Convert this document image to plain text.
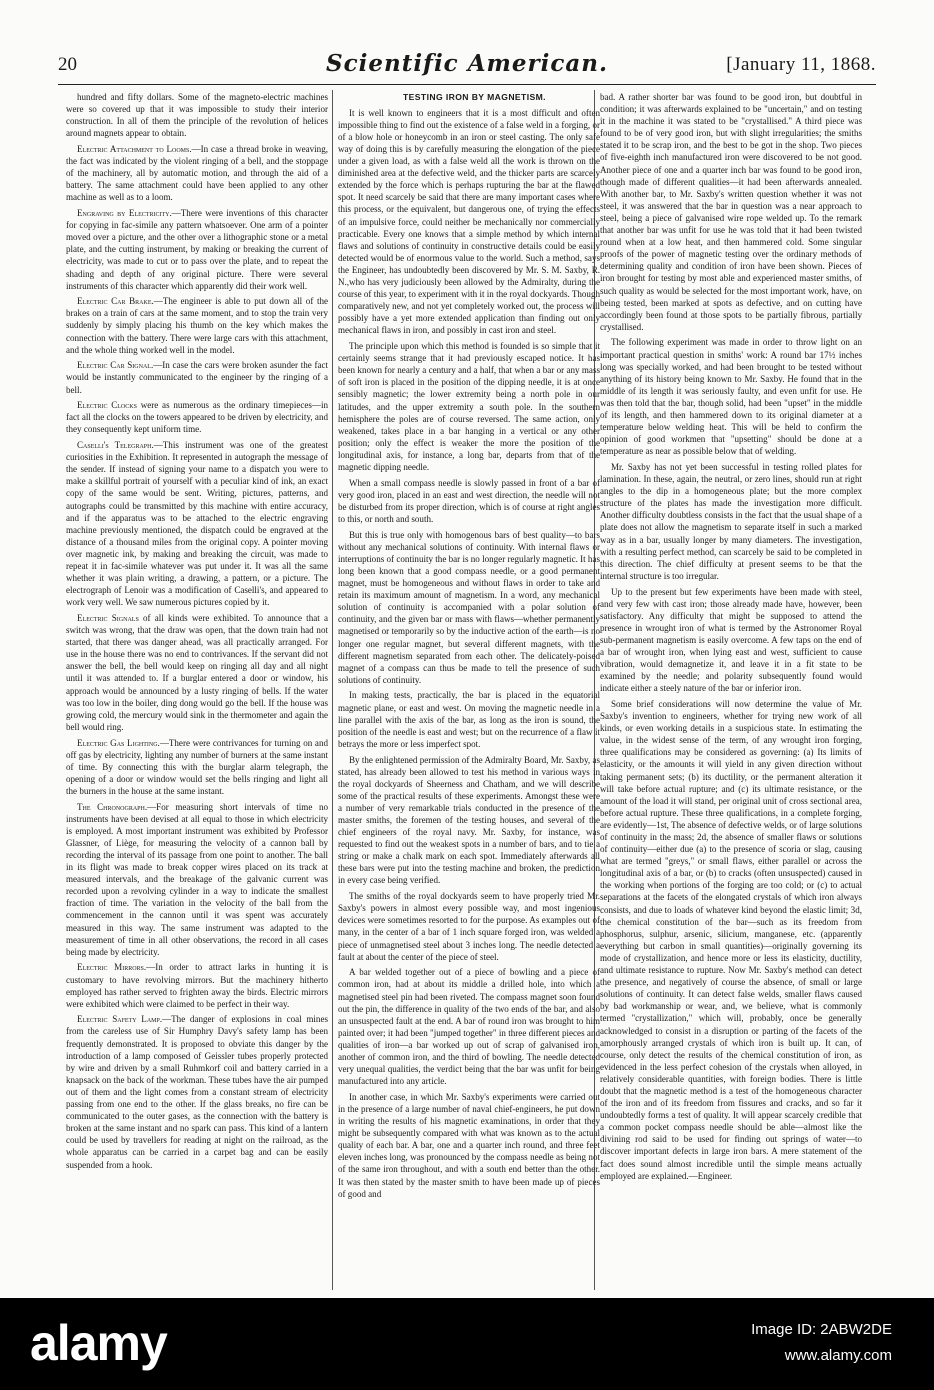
20	Scientific American.	[January 11, 1868.

hundred and fifty dollars. Some of the magneto-electric machines were so covered up that it was impossible to study their interior construction. In all of them the principle of the revolution of helices around magnets appear to obtain.

Electric Attachment to Looms.—In case a thread broke in weaving, the fact was indicated by the violent ringing of a bell, and the stoppage of the machinery, all by automatic motion, and through the aid of a battery. The same attachment could have been applied to any other machine as well as to a loom.

Engraving by Electricity.—There were inventions of this character for copying in fac-simile any pattern whatsoever. One arm of a pointer moved over a picture, and the other over a lithographic stone or a metal plate, and the cutting instrument, by making or breaking the current of electricity, was made to cut or to pass over the plate, and to repeat the shading and depth of any original picture. There were several instruments of this character which apparently did their work well.

Electric Car Brake.—The engineer is able to put down all of the brakes on a train of cars at the same moment, and to stop the train very suddenly by simply placing his thumb on the key which makes the connection with the battery. There were large cars with this attachment, and the whole thing worked well in the model.

Electric Car Signal.—In case the cars were broken asunder the fact would be instantly communicated to the engineer by the ringing of a bell.

Electric Clocks were as numerous as the ordinary timepieces—in fact all the clocks on the towers appeared to be driven by electricity, and they consequently kept uniform time.

Caselli's Telegraph.—This instrument was one of the greatest curiosities in the Exhibition. It represented in autograph the message of the sender. If instead of signing your name to a dispatch you were to make a skillful portrait of yourself with a peculiar kind of ink, an exact copy of the same would be sent. Writing, pictures, patterns, and autographs could be transmitted by this machine with entire accuracy, and if the apparatus was to be attached to the electric engraving machine previously mentioned, the dispatch could be engraved at the distance of a thousand miles from the original copy. A pointer moving over magnetic ink, by making and breaking the circuit, was made to repeat it in fac-simile whatever was put under it. It was all the same whether it was plain writing, a drawing, a pattern, or a picture. The electrograph of Lenoir was a modification of Caselli's, and appeared to work very well. We saw numerous pictures copied by it.

Electric Signals of all kinds were exhibited. To announce that a switch was wrong, that the draw was open, that the down train had not started, that there was danger ahead, was all practically arranged. For use in the house there was no end to contrivances. If the servant did not answer the bell, the bell would keep on ringing all day and all night until it was attended to. If a burglar entered a door or window, his approach would be announced by a lusty ringing of bells. If the water was too low in the boiler, ding dong would go the bell. If the house was growing cold, the mercury would sink in the thermometer and again the bell would ring.

Electric Gas Lighting.—There were contrivances for turning on and off gas by electricity, lighting any number of burners at the same instant of time. By connecting this with the burglar alarm telegraph, the opening of a door or window would set the bells ringing and light all the burners in the house at the same instant.

The Chronograph.—For measuring short intervals of time no instruments have been devised at all equal to those in which electricity is employed. A most important instrument was exhibited by Professor Glassner, of Liège, for measuring the velocity of a cannon ball by recording the interval of its passage from one point to another. The ball in its flight was made to break copper wires placed on its track at measured intervals, and the breakage of the galvanic current was recorded upon a revolving cylinder in a way to indicate the smallest fraction of time. The variation in the velocity of the ball from the commencement in the cannon until it was spent was accurately measured in this way. The same instrument was adapted to the measurement of time in all other observations, the record in all cases being made by electricity.

Electric Mirrors.—In order to attract larks in hunting it is customary to have revolving mirrors. But the machinery hitherto employed has rather served to frighten away the birds. Electric mirrors were exhibited which were claimed to be perfect in their way.

Electric Safety Lamp.—The danger of explosions in coal mines from the careless use of Sir Humphry Davy's safety lamp has been frequently demonstrated. It is proposed to obviate this danger by the introduction of a lamp composed of Geissler tubes properly protected by wire and driven by a small Ruhmkorf coil and battery carried in a knapsack on the back of the workman. These tubes have the air pumped out of them and the light comes from a constant stream of electricity passing from one end to the other. If the glass breaks, no fire can be communicated to the outer gases, as the connection with the battery is broken at the same instant and no spark can pass. This kind of a lantern could be used by travellers for reading at night on the railroad, as the whole apparatus can be carried in a carpet bag and can be easily suspended from a hook.

TESTING IRON BY MAGNETISM.

It is well known to engineers that it is a most difficult and often impossible thing to find out the existence of a false weld in a forging, or of a blow hole or honeycomb in an iron or steel casting. The only safe way of doing this is by carefully measuring the elongation of the piece under a given load, as with a false weld all the work is thrown on the diminished area at the defective weld, and the thicker parts are scarcely extended by the force which is perhaps rupturing the bar at the flawed spot. It need scarcely be said that there are many important cases where this process, or the equivalent, but dangerous one, of trying the effects of an impulsive force, could neither be mechanically nor commercially practicable. Every one knows that a simple method by which internal flaws and solutions of continuity in constructive details could be easily detected would be of enormous value to the world. Such a method, says the Engineer, has undoubtedly been discovered by Mr. S. M. Saxby, R. N.,who has very judiciously been allowed by the Admiralty, during the course of this year, to experiment with it in the royal dockyards. Though comparatively new, and not yet completely worked out, the process will possibly have a yet more extended application than finding out only mechanical flaws in iron, and possibly in cast iron and steel.

The principle upon which this method is founded is so simple that it certainly seems strange that it had previously escaped notice. It has been known for nearly a century and a half, that when a bar or any mass of soft iron is placed in the position of the dipping needle, it is at once sensibly magnetic; the lower extremity being a north pole in our latitudes, and the upper extremity a south pole. In the southern hemisphere the poles are of course reversed. The same action, only weakened, takes place in a bar hanging in a vertical or any other position; only the effect is weaker the more the position of the longitudinal axis, for instance, a long bar, departs from that of the magnetic dipping needle.

When a small compass needle is slowly passed in front of a bar of very good iron, placed in an east and west direction, the needle will not be disturbed from its proper direction, which is of course at right angles to this, or north and south.

But this is true only with homogenous bars of best quality—to bars without any mechanical solutions of continuity. With internal flaws or interruptions of continuity the bar is no longer regularly magnetic. It has long been known that a good compass needle, or a good permanent magnet, must be homogeneous and without flaws in order to take and retain its maximum amount of magnetism. In a word, any mechanical solution of continuity is accompanied with a polar solution of continuity, and the given bar or mass with flaws—whether permanently magnetised or temporarily so by the inductive action of the earth—is no longer one regular magnet, but several different magnets, with the different magnetism separated from each other. The delicately-poised magnet of a compass can thus be made to tell the presence of such solutions of continuity.

In making tests, practically, the bar is placed in the equatorial magnetic plane, or east and west. On moving the magnetic needle in a line parallel with the axis of the bar, as long as the iron is sound, the position of the needle is east and west; but on the recurrence of a flaw it betrays the more or less imperfect spot.

By the enlightened permission of the Admiralty Board, Mr. Saxby, as stated, has already been allowed to test his method in various ways in the royal dockyards of Sheerness and Chatham, and we will describe some of the practical results of these experiments. Amongst these were a number of very remarkable trials conducted in the presence of the master smiths, the foremen of the testing houses, and several of the chief engineers of the royal navy. Mr. Saxby, for instance, was requested to find out the weakest spots in a number of bars, and to tie a string or make a chalk mark on each spot. Immediately afterwards all these bars were put into the testing machine and broken, the prediction in every case being verified.

The smiths of the royal dockyards seem to have properly tried Mr. Saxby's powers in almost every possible way, and most ingenious devices were sometimes resorted to for the purpose. As examples out of many, in the center of a bar of 1 inch square forged iron, was welded a piece of unmagnetised steel about 3 inches long. The needle detected a fault at about the center of the piece of steel.

A bar welded together out of a piece of bowling and a piece of common iron, had at about its middle a drilled hole, into which a magnetised steel pin had been riveted. The compass magnet soon found out the pin, the difference in quality of the two ends of the bar, and also an unsuspected fault at the end. A bar of round iron was brought to him painted over; it had been "jumped together" in three different pieces and qualities of iron—a bar worked up out of scrap of galvanised iron, another of common iron, and the third of bowling. The needle detected very unequal qualities, the verdict being that the bar was unfit for being manufactured into any article.

In another case, in which Mr. Saxby's experiments were carried out in the presence of a large number of naval chief-engineers, he put down in writing the results of his magnetic examinations, in order that they might be subsequently compared with what was known as to the actual quality of each bar. A bar, one and a quarter inch round, and three feet eleven inches long, was pronounced by the compass needle as being not of the same iron throughout, and with a south end better than the other. It was then stated by the master smith to have been made up of pieces of good and

bad. A rather shorter bar was found to be good iron, but doubtful in condition; it was afterwards explained to be "uncertain," and on testing it in the machine it was stated to be "crystallised." A third piece was found to be of very good iron, but with slight irregularities; the smiths stated it to be scrap iron, and the best to be got in the shop. Two pieces of five-eighth inch manufactured iron were discovered to be not good. Another piece of one and a quarter inch bar was found to be good iron, though made of different qualities—it had been afterwards annealed. With another bar, to Mr. Saxby's written question whether it was not steel, it was answered that the bar in question was a near approach to steel, being a piece of galvanised wire rope welded up. To the remark that another bar was unfit for use he was told that it had been twisted round when at a low heat, and then hammered cold. Some singular proofs of the power of magnetic testing over the ordinary methods of determining quality and condition of iron have been shown. Pieces of iron brought for testing by most able and experienced master smiths, of such quality as would be selected for the most important work, have, on being tested, been marked at spots as defective, and on cutting have accordingly been found at those spots to be partially fibrous, partially crystallised.

The following experiment was made in order to throw light on an important practical question in smiths' work: A round bar 17½ inches long was specially worked, and had been brought to be tested without anything of its history being known to Mr. Saxby. He found that in the middle of its length it was seriously faulty, and even unfit for use. He was then told that the bar, though solid, had been "upset" in the middle of its length, and then hammered down to its original diameter at a temperature below welding heat. This will be held to confirm the opinion of good workmen that "upsetting" should be done at a temperature as near as possible below that of welding.

Mr. Saxby has not yet been successful in testing rolled plates for lamination. In these, again, the neutral, or zero lines, should run at right angles to the dip in a homogeneous plate; but the more complex structure of the plates has made the investigation more difficult. Another difficulty doubtless consists in the fact that the usual shape of a plate does not allow the magnetism to separate itself in such a marked way as in a bar, usually longer by many diameters. The investigation, with a resulting perfect method, can scarcely be said to be completed in this direction. The chief difficulty at present seems to be that the internal structure is too irregular.

Up to the present but few experiments have been made with steel, and very few with cast iron; those already made have, however, been satisfactory. Any difficulty that might be supposed to attend the presence in wrought iron of what is termed by the Astronomer Royal sub-permanent magnetism is easily overcome. A few taps on the end of a bar of wrought iron, when lying east and west, sufficient to cause vibration, would demagnetize it, and leave it in a fit state to be examined by the needle; and polarity subsequently found would indicate either a steely nature of the bar or inferior iron.

Some brief considerations will now determine the value of Mr. Saxby's invention to engineers, whether for trying new work of all kinds, or even working details in a suspicious state. In estimating the value, in the widest sense of the term, of any wrought iron forging, three qualifications may be considered as governing: (a) Its limits of elasticity, or the amounts it will yield in any given direction without taking permanent sets; (b) its ductility, or the permanent alteration it will take before actual rupture; and (c) its ultimate resistance, or the amount of the load it will stand, per original unit of cross sectional area, before actual rupture. These three qualifications, in a complete forging, are evidently—1st, The absence of defective welds, or of large solutions of continuity in the mass; 2d, the absence of smaller flaws or solutions of continuity—either due (a) to the presence of scoria or slag, causing what are termed "greys," or small flaws, either parallel or across the longitudinal axis of a bar, or (b) to cracks (often unsuspected) caused in the working when portions of the forging are too cold; or (c) to actual separations at the facets of the elongated crystals of which iron always consists, and due to loads of whatever kind beyond the elastic limit; 3d, the chemical constitution of the bar—such as its freedom from phosphorus, sulphur, arsenic, silicium, manganese, etc. (apparently everything but carbon in small quantities)—originally governing its mode of crystallization, and hence more or less its elasticity, ductility, and ultimate resistance to rupture. Now Mr. Saxby's method can detect the presence, and negatively of course the absence, of small or large solutions of continuity. It can detect false welds, smaller flaws caused by bad workmanship or wear, and, we believe, what is commonly termed "crystallization," which will, probably, once be generally acknowledged to consist in a disruption or parting of the facets of the amorphously arranged crystals of which iron is built up. It can, of course, only detect the results of the chemical constitution of iron, as evidenced in the less perfect cohesion of the crystals when alloyed, in relatively considerable quantities, with foreign bodies. There is little doubt that the magnetic method is a test of the homogeneous character of the iron and of its freedom from fissures and cracks, and so far it undoubtedly forms a test of quality. It will appear scarcely credible that a common pocket compass needle should be able—almost like the divining rod said to be used for finding out springs of water—to discover important defects in large iron bars. A mere statement of the fact does sound almost incredible until the simple means actually employed are explained.—Engineer.

alamy	Image ID: 2ABW2DE
www.alamy.com
